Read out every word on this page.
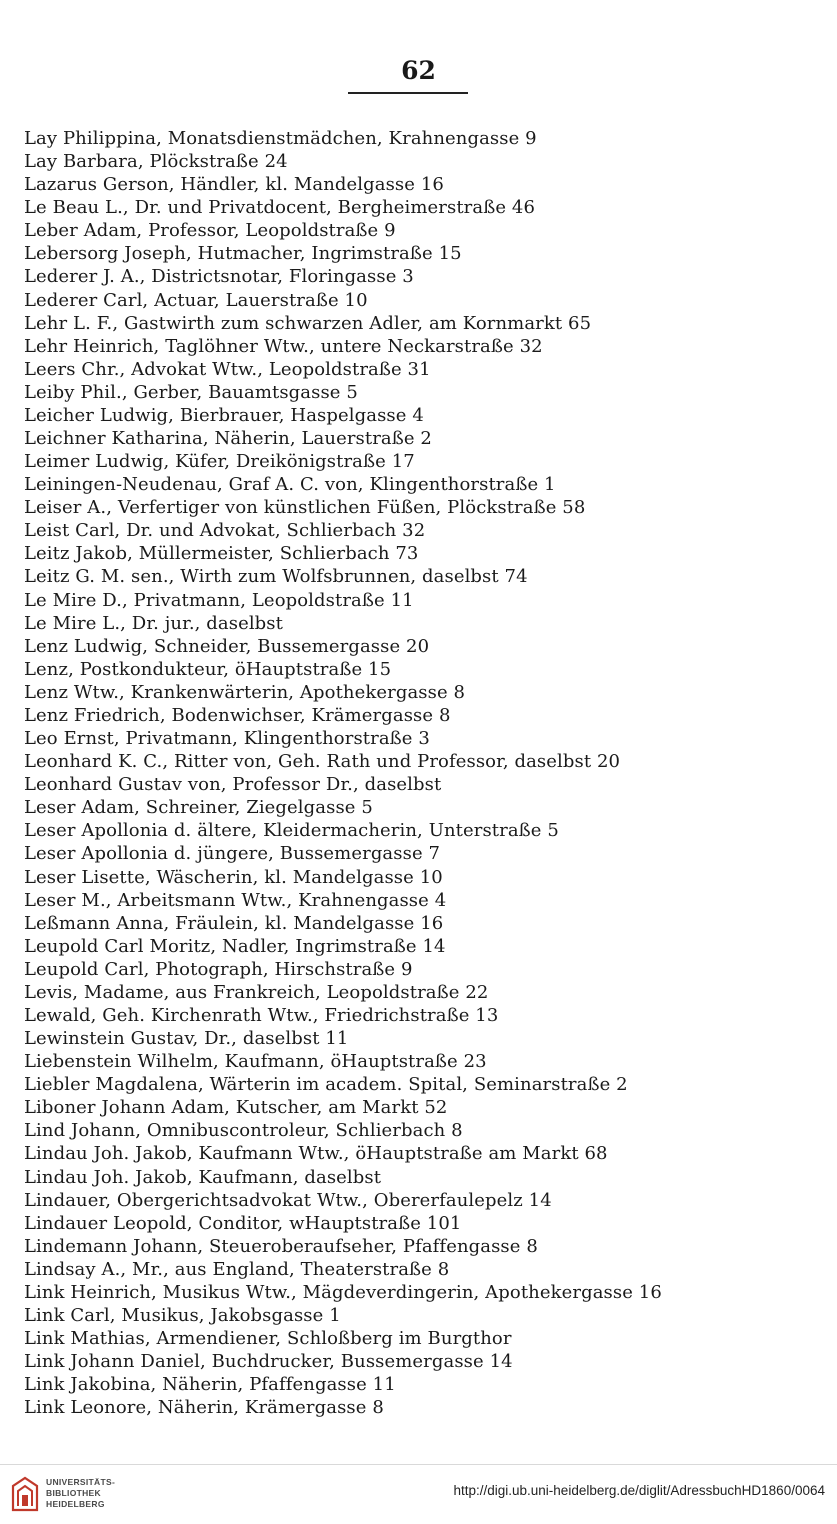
62
Lay Philippina, Monatsdienstmädchen, Krahnengasse 9
Lay Barbara, Plöckstraße 24
Lazarus Gerson, Händler, kl. Mandelgasse 16
Le Beau L., Dr. und Privatdocent, Bergheimerstraße 46
Leber Adam, Professor, Leopoldstraße 9
Lebersorg Joseph, Hutmacher, Ingrimstraße 15
Lederer J. A., Districtsnotar, Floringasse 3
Lederer Carl, Actuar, Lauerstraße 10
Lehr L. F., Gastwirth zum schwarzen Adler, am Kornmarkt 65
Lehr Heinrich, Taglöhner Wtw., untere Neckarstraße 32
Leers Chr., Advokat Wtw., Leopoldstraße 31
Leiby Phil., Gerber, Bauamtsgasse 5
Leicher Ludwig, Bierbrauer, Haspelgasse 4
Leichner Katharina, Näherin, Lauerstraße 2
Leimer Ludwig, Küfer, Dreikönigstraße 17
Leiningen-Neudenau, Graf A. C. von, Klingenthorstraße 1
Leiser A., Verfertiger von künstlichen Füßen, Plöckstraße 58
Leist Carl, Dr. und Advokat, Schlierbach 32
Leitz Jakob, Müllermeister, Schlierbach 73
Leitz G. M. sen., Wirth zum Wolfsbrunnen, daselbst 74
Le Mire D., Privatmann, Leopoldstraße 11
Le Mire L., Dr. jur., daselbst
Lenz Ludwig, Schneider, Bussemergasse 20
Lenz, Postkondukteur, öHauptstraße 15
Lenz Wtw., Krankenwärterin, Apothekergasse 8
Lenz Friedrich, Bodenwichser, Krämergasse 8
Leo Ernst, Privatmann, Klingenthorstraße 3
Leonhard K. C., Ritter von, Geh. Rath und Professor, daselbst 20
Leonhard Gustav von, Professor Dr., daselbst
Leser Adam, Schreiner, Ziegelgasse 5
Leser Apollonia d. ältere, Kleidermacherin, Unterstraße 5
Leser Apollonia d. jüngere, Bussemergasse 7
Leser Lisette, Wäscherin, kl. Mandelgasse 10
Leser M., Arbeitsmann Wtw., Krahnengasse 4
Leßmann Anna, Fräulein, kl. Mandelgasse 16
Leupold Carl Moritz, Nadler, Ingrimstraße 14
Leupold Carl, Photograph, Hirschstraße 9
Levis, Madame, aus Frankreich, Leopoldstraße 22
Lewald, Geh. Kirchenrath Wtw., Friedrichstraße 13
Lewinstein Gustav, Dr., daselbst 11
Liebenstein Wilhelm, Kaufmann, öHauptstraße 23
Liebler Magdalena, Wärterin im academ. Spital, Seminarstraße 2
Liboner Johann Adam, Kutscher, am Markt 52
Lind Johann, Omnibuscontroleur, Schlierbach 8
Lindau Joh. Jakob, Kaufmann Wtw., öHauptstraße am Markt 68
Lindau Joh. Jakob, Kaufmann, daselbst
Lindauer, Obergerichtsadvokat Wtw., Obererfaulepelz 14
Lindauer Leopold, Conditor, wHauptstraße 101
Lindemann Johann, Steueroberaufseher, Pfaffengasse 8
Lindsay A., Mr., aus England, Theaterstraße 8
Link Heinrich, Musikus Wtw., Mägdeverdingerin, Apothekergasse 16
Link Carl, Musikus, Jakobsgasse 1
Link Mathias, Armendiener, Schloßberg im Burgthor
Link Johann Daniel, Buchdrucker, Bussemergasse 14
Link Jakobina, Näherin, Pfaffengasse 11
Link Leonore, Näherin, Krämergasse 8
UNIVERSITÄTS-
BIBLIOTHEK
HEIDELBERG
http://digi.ub.uni-heidelberg.de/diglit/AdressbuchHD1860/0064
